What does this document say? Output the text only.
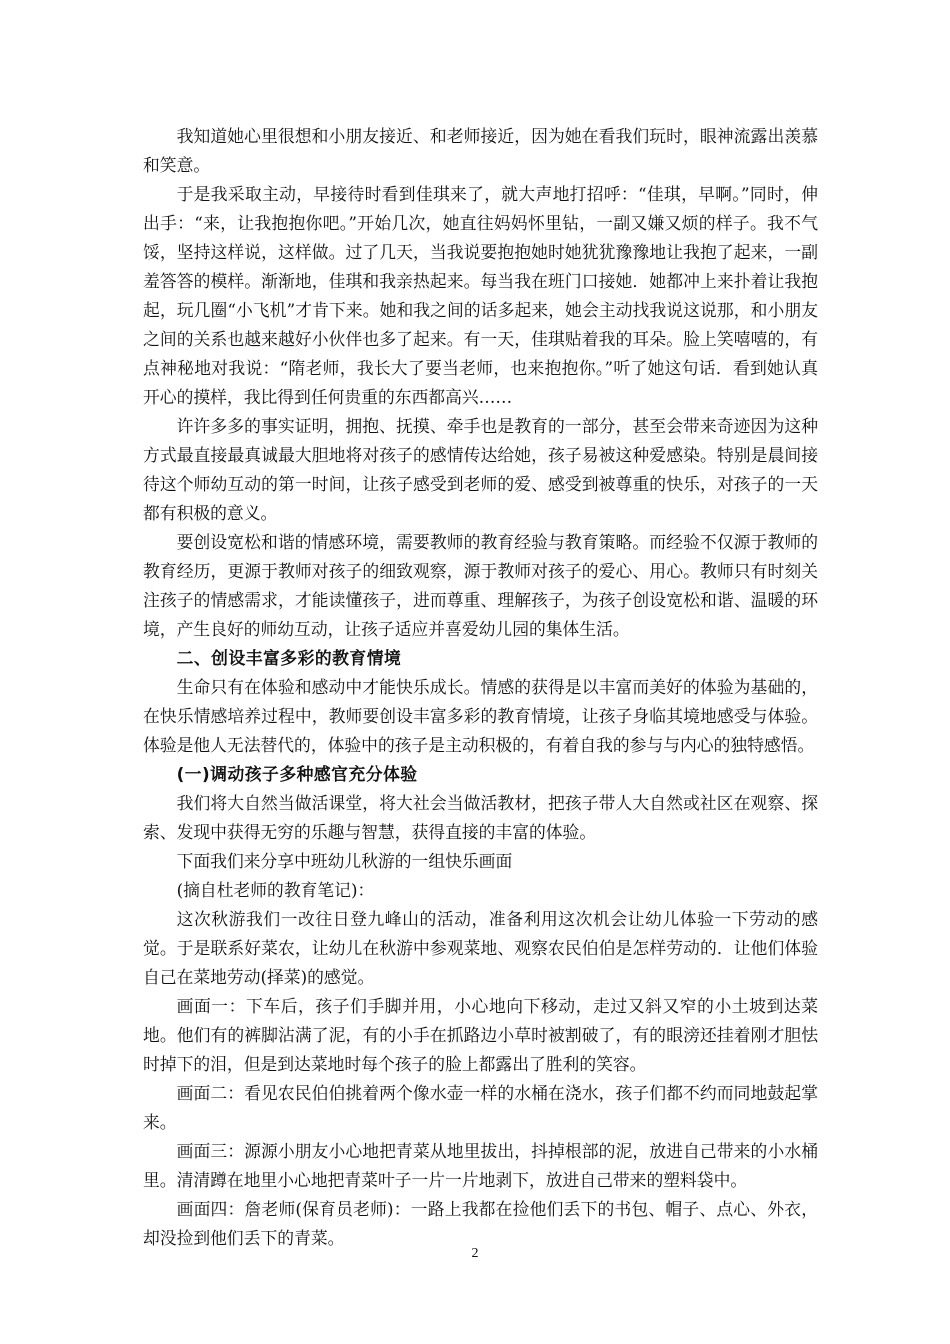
我知道她心里很想和小朋友接近、和老师接近，因为她在看我们玩时，眼神流露出羡慕和笑意。

于是我采取主动，早接待时看到佳琪来了，就大声地打招呼：“佳琪，早啊。”同时，伸出手：“来，让我抱抱你吧。”开始几次，她直往妈妈怀里钻，一副又嫌又烦的样子。我不气馁，坚持这样说，这样做。过了几天，当我说要抱抱她时她犹犹豫豫地让我抱了起来，一副羞答答的模样。渐渐地，佳琪和我亲热起来。每当我在班门口接她．她都冲上来扑着让我抱起，玩几圈“小飞机”才肯下来。她和我之间的话多起来，她会主动找我说这说那，和小朋友之间的关系也越来越好小伙伴也多了起来。有一天，佳琪贴着我的耳朵。脸上笑嘻嘻的，有点神秘地对我说：“隋老师，我长大了要当老师，也来抱抱你。”听了她这句话．看到她认真开心的摸样，我比得到任何贵重的东西都高兴……

许许多多的事实证明，拥抱、抚摸、牵手也是教育的一部分，甚至会带来奇迹因为这种方式最直接最真诚最大胆地将对孩子的感情传达给她，孩子易被这种爱感染。特别是晨间接待这个师幼互动的第一时间，让孩子感受到老师的爱、感受到被尊重的快乐，对孩子的一天都有积极的意义。

要创设宽松和谐的情感环境，需要教师的教育经验与教育策略。而经验不仅源于教师的教育经历，更源于教师对孩子的细致观察，源于教师对孩子的爱心、用心。教师只有时刻关注孩子的情感需求，才能读懂孩子，进而尊重、理解孩子，为孩子创设宽松和谐、温暖的环境，产生良好的师幼互动，让孩子适应并喜爱幼儿园的集体生活。

二、创设丰富多彩的教育情境

生命只有在体验和感动中才能快乐成长。情感的获得是以丰富而美好的体验为基础的，在快乐情感培养过程中，教师要创设丰富多彩的教育情境，让孩子身临其境地感受与体验。体验是他人无法替代的，体验中的孩子是主动积极的，有着自我的参与与内心的独特感悟。

(一)调动孩子多种感官充分体验

我们将大自然当做活课堂，将大社会当做活教材，把孩子带人大自然或社区在观察、探索、发现中获得无穷的乐趣与智慧，获得直接的丰富的体验。

下面我们来分享中班幼儿秋游的一组快乐画面

(摘自杜老师的教育笔记)：

这次秋游我们一改往日登九峰山的活动，准备利用这次机会让幼儿体验一下劳动的感觉。于是联系好菜农，让幼儿在秋游中参观菜地、观察农民伯伯是怎样劳动的．让他们体验自己在菜地劳动(择菜)的感觉。

画面一：下车后，孩子们手脚并用，小心地向下移动，走过又斜又窄的小土坡到达菜地。他们有的裤脚沾满了泥，有的小手在抓路边小草时被割破了，有的眼滂还挂着刚才胆怯时掉下的泪，但是到达菜地时每个孩子的脸上都露出了胜利的笑容。

画面二：看见农民伯伯挑着两个像水壶一样的水桶在浇水，孩子们都不约而同地鼓起掌来。

画面三：源源小朋友小心地把青菜从地里拔出，抖掉根部的泥，放进自己带来的小水桶里。清清蹲在地里小心地把青菜叶子一片一片地剥下，放进自己带来的塑料袋中。

画面四：詹老师(保育员老师)：一路上我都在捡他们丢下的书包、帽子、点心、外衣，却没捡到他们丢下的青菜。

2
